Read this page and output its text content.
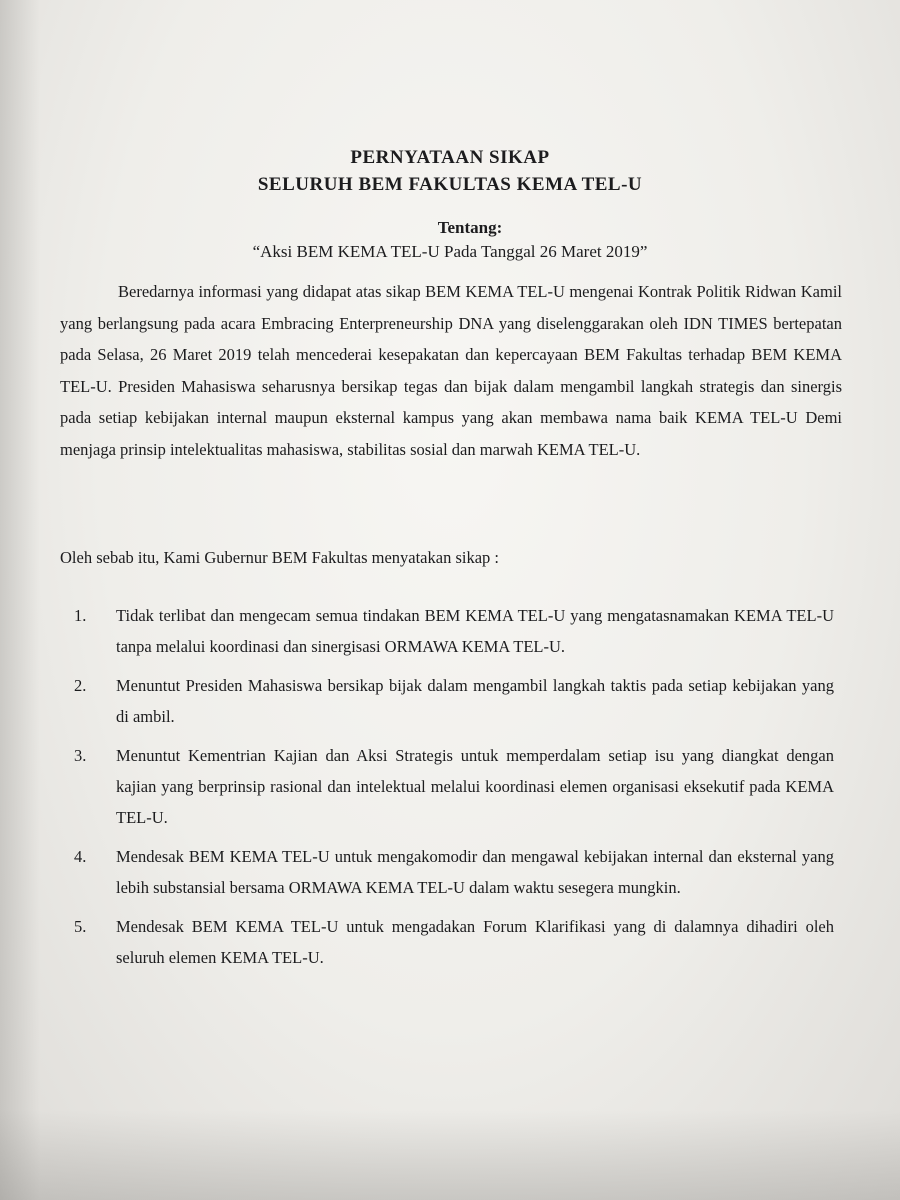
PERNYATAAN SIKAP
SELURUH BEM FAKULTAS KEMA TEL-U
Tentang:
“Aksi BEM KEMA TEL-U Pada Tanggal 26 Maret 2019”
Beredarnya informasi yang didapat atas sikap BEM KEMA TEL-U mengenai Kontrak Politik Ridwan Kamil yang berlangsung pada acara Embracing Enterpreneurship DNA yang diselenggarakan oleh IDN TIMES bertepatan pada Selasa, 26 Maret 2019 telah mencederai kesepakatan dan kepercayaan BEM Fakultas terhadap BEM KEMA TEL-U. Presiden Mahasiswa seharusnya bersikap tegas dan bijak dalam mengambil langkah strategis dan sinergis pada setiap kebijakan internal maupun eksternal kampus yang akan membawa nama baik KEMA TEL-U Demi menjaga prinsip intelektualitas mahasiswa, stabilitas sosial dan marwah KEMA TEL-U.
Oleh sebab itu, Kami Gubernur BEM Fakultas menyatakan sikap :
1. Tidak terlibat dan mengecam semua tindakan BEM KEMA TEL-U yang mengatasnamakan KEMA TEL-U tanpa melalui koordinasi dan sinergisasi ORMAWA KEMA TEL-U.
2. Menuntut Presiden Mahasiswa bersikap bijak dalam mengambil langkah taktis pada setiap kebijakan yang di ambil.
3. Menuntut Kementrian Kajian dan Aksi Strategis untuk memperdalam setiap isu yang diangkat dengan kajian yang berprinsip rasional dan intelektual melalui koordinasi elemen organisasi eksekutif pada KEMA TEL-U.
4. Mendesak BEM KEMA TEL-U untuk mengakomodir dan mengawal kebijakan internal dan eksternal yang lebih substansial bersama ORMAWA KEMA TEL-U dalam waktu sesegera mungkin.
5. Mendesak BEM KEMA TEL-U untuk mengadakan Forum Klarifikasi yang di dalamnya dihadiri oleh seluruh elemen KEMA TEL-U.
